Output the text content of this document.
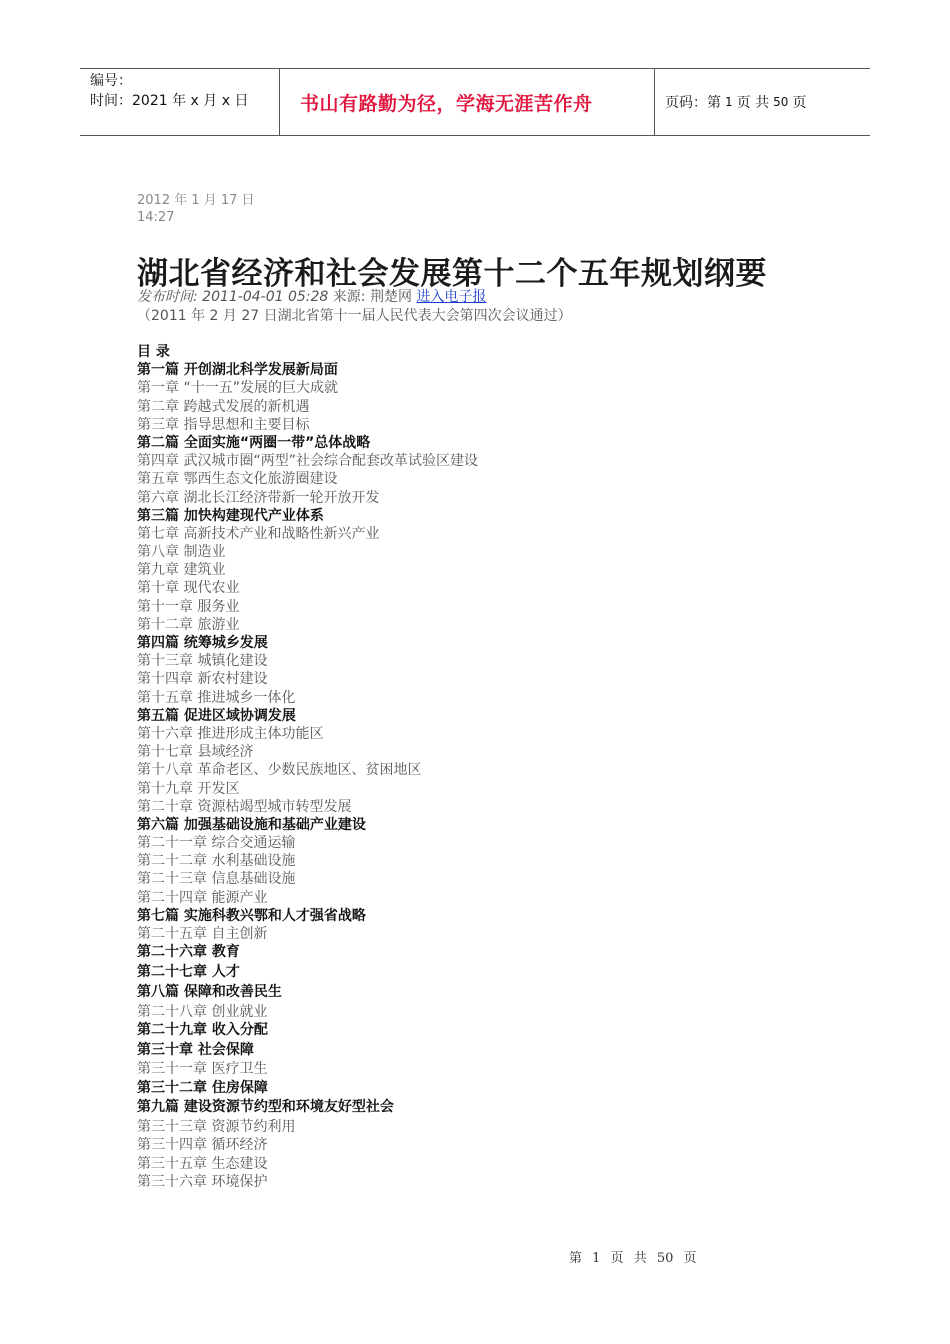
编号：
时间：2021 年 x 月 x 日	书山有路勤为径，学海无涯苦作舟	页码：第 1 页 共 50 页
2012 年 1 月 17 日
14:27
湖北省经济和社会发展第十二个五年规划纲要
发布时间: 2011-04-01 05:28 来源: 荆楚网 进入电子报
（2011 年 2 月 27 日湖北省第十一届人民代表大会第四次会议通过）
目 录
第一篇 开创湖北科学发展新局面
第一章 “十一五”发展的巨大成就
第二章 跨越式发展的新机遇
第三章 指导思想和主要目标
第二篇 全面实施“两圈一带”总体战略
第四章 武汉城市圈“两型”社会综合配套改革试验区建设
第五章 鄂西生态文化旅游圈建设
第六章 湖北长江经济带新一轮开放开发
第三篇 加快构建现代产业体系
第七章 高新技术产业和战略性新兴产业
第八章 制造业
第九章 建筑业
第十章 现代农业
第十一章 服务业
第十二章 旅游业
第四篇 统筹城乡发展
第十三章 城镇化建设
第十四章 新农村建设
第十五章 推进城乡一体化
第五篇 促进区域协调发展
第十六章 推进形成主体功能区
第十七章 县域经济
第十八章 革命老区、少数民族地区、贫困地区
第十九章 开发区
第二十章 资源枯竭型城市转型发展
第六篇 加强基础设施和基础产业建设
第二十一章 综合交通运输
第二十二章 水利基础设施
第二十三章 信息基础设施
第二十四章 能源产业
第七篇 实施科教兴鄂和人才强省战略
第二十五章 自主创新
第二十六章 教育
第二十七章 人才
第八篇 保障和改善民生
第二十八章 创业就业
第二十九章 收入分配
第三十章 社会保障
第三十一章 医疗卫生
第三十二章 住房保障
第九篇 建设资源节约型和环境友好型社会
第三十三章 资源节约利用
第三十四章 循环经济
第三十五章 生态建设
第三十六章 环境保护
第 1 页 共 50 页
